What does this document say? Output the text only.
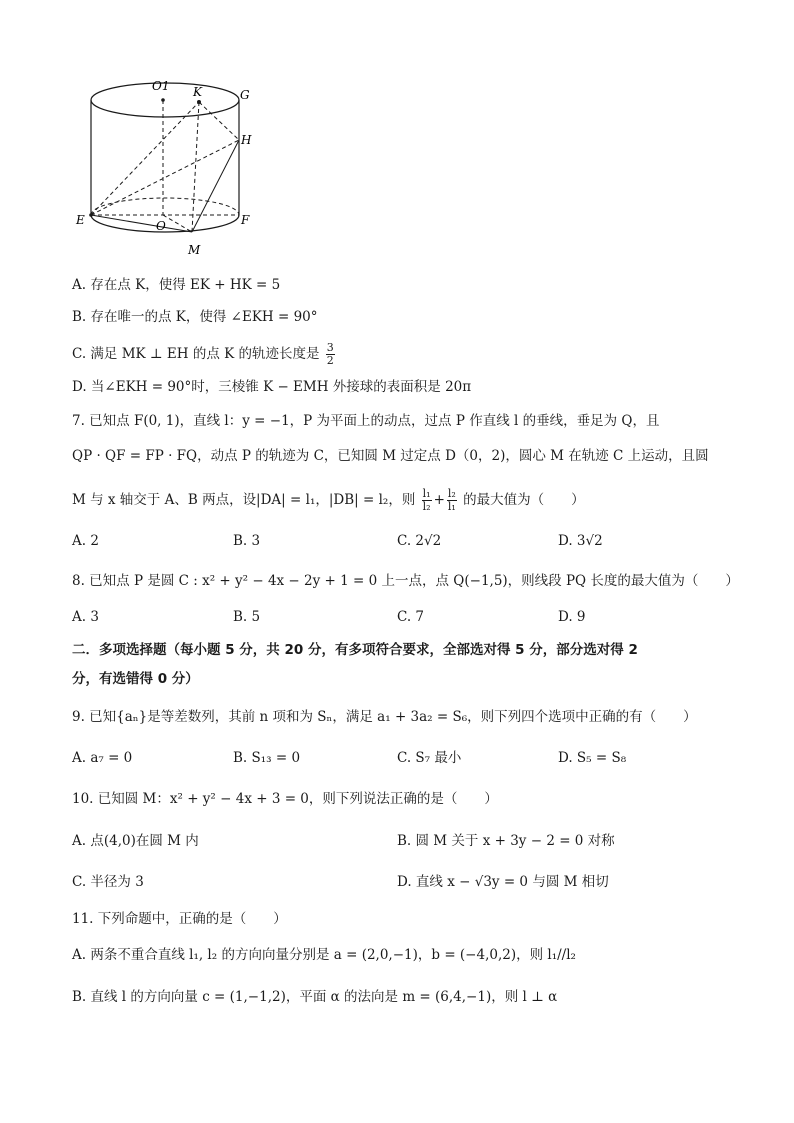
O1 K	G
H
E	O	F
M
A. 存在点 K，使得 EK + HK = 5
B. 存在唯一的点 K，使得 ∠EKH = 90°
C. 满足 MK ⊥ EH 的点 K 的轨迹长度是 $\frac{3}{2}$
D. 当∠EKH = 90°时，三棱锥 K − EMH 外接球的表面积是 20π
7. 已知点 F(0, 1)，直线 l：y = −1，P 为平面上的动点，过点 P 作直线 l 的垂线，垂足为 Q，且
QP · QF = FP · FQ，动点 P 的轨迹为 C，已知圆 M 过定点 D（0，2)，圆心 M 在轨迹 C 上运动，且圆
M 与 x 轴交于 A、B 两点，设|DA| = l₁，|DB| = l₂，则 $\frac{\text{l₁}}{\text{l₂}} + \frac{\text{l₂}}{\text{l₁}}$ 的最大值为（　　）
A. 2	B. 3	C. 2√2	D. 3√2
8. 已知点 P 是圆 C : x² + y² − 4x − 2y + 1 = 0 上一点，点 Q(−1,5)，则线段 PQ 长度的最大值为（　　）
A. 3	B. 5	C. 7	D. 9
二．多项选择题（每小题 5 分，共 20 分，有多项符合要求，全部选对得 5 分，部分选对得 2
分，有选错得 0 分）
9. 已知{aₙ}是等差数列，其前 n 项和为 Sₙ，满足 a₁ + 3a₂ = S₆，则下列四个选项中正确的有（　　）
A. a₇ = 0	B. S₁₃ = 0	C. S₇ 最小	D. S₅ = S₈
10. 已知圆 M：x² + y² − 4x + 3 = 0，则下列说法正确的是（　　）
A. 点(4,0)在圆 M 内	B. 圆 M 关于 x + 3y − 2 = 0 对称
C. 半径为 3	D. 直线 x − √3y = 0 与圆 M 相切
11. 下列命题中，正确的是（　　）
A. 两条不重合直线 l₁, l₂ 的方向向量分别是 a = (2,0,−1)，b = (−4,0,2)，则 l₁//l₂
B. 直线 l 的方向向量 c = (1,−1,2)，平面 α 的法向是 m = (6,4,−1)，则 l ⊥ α
